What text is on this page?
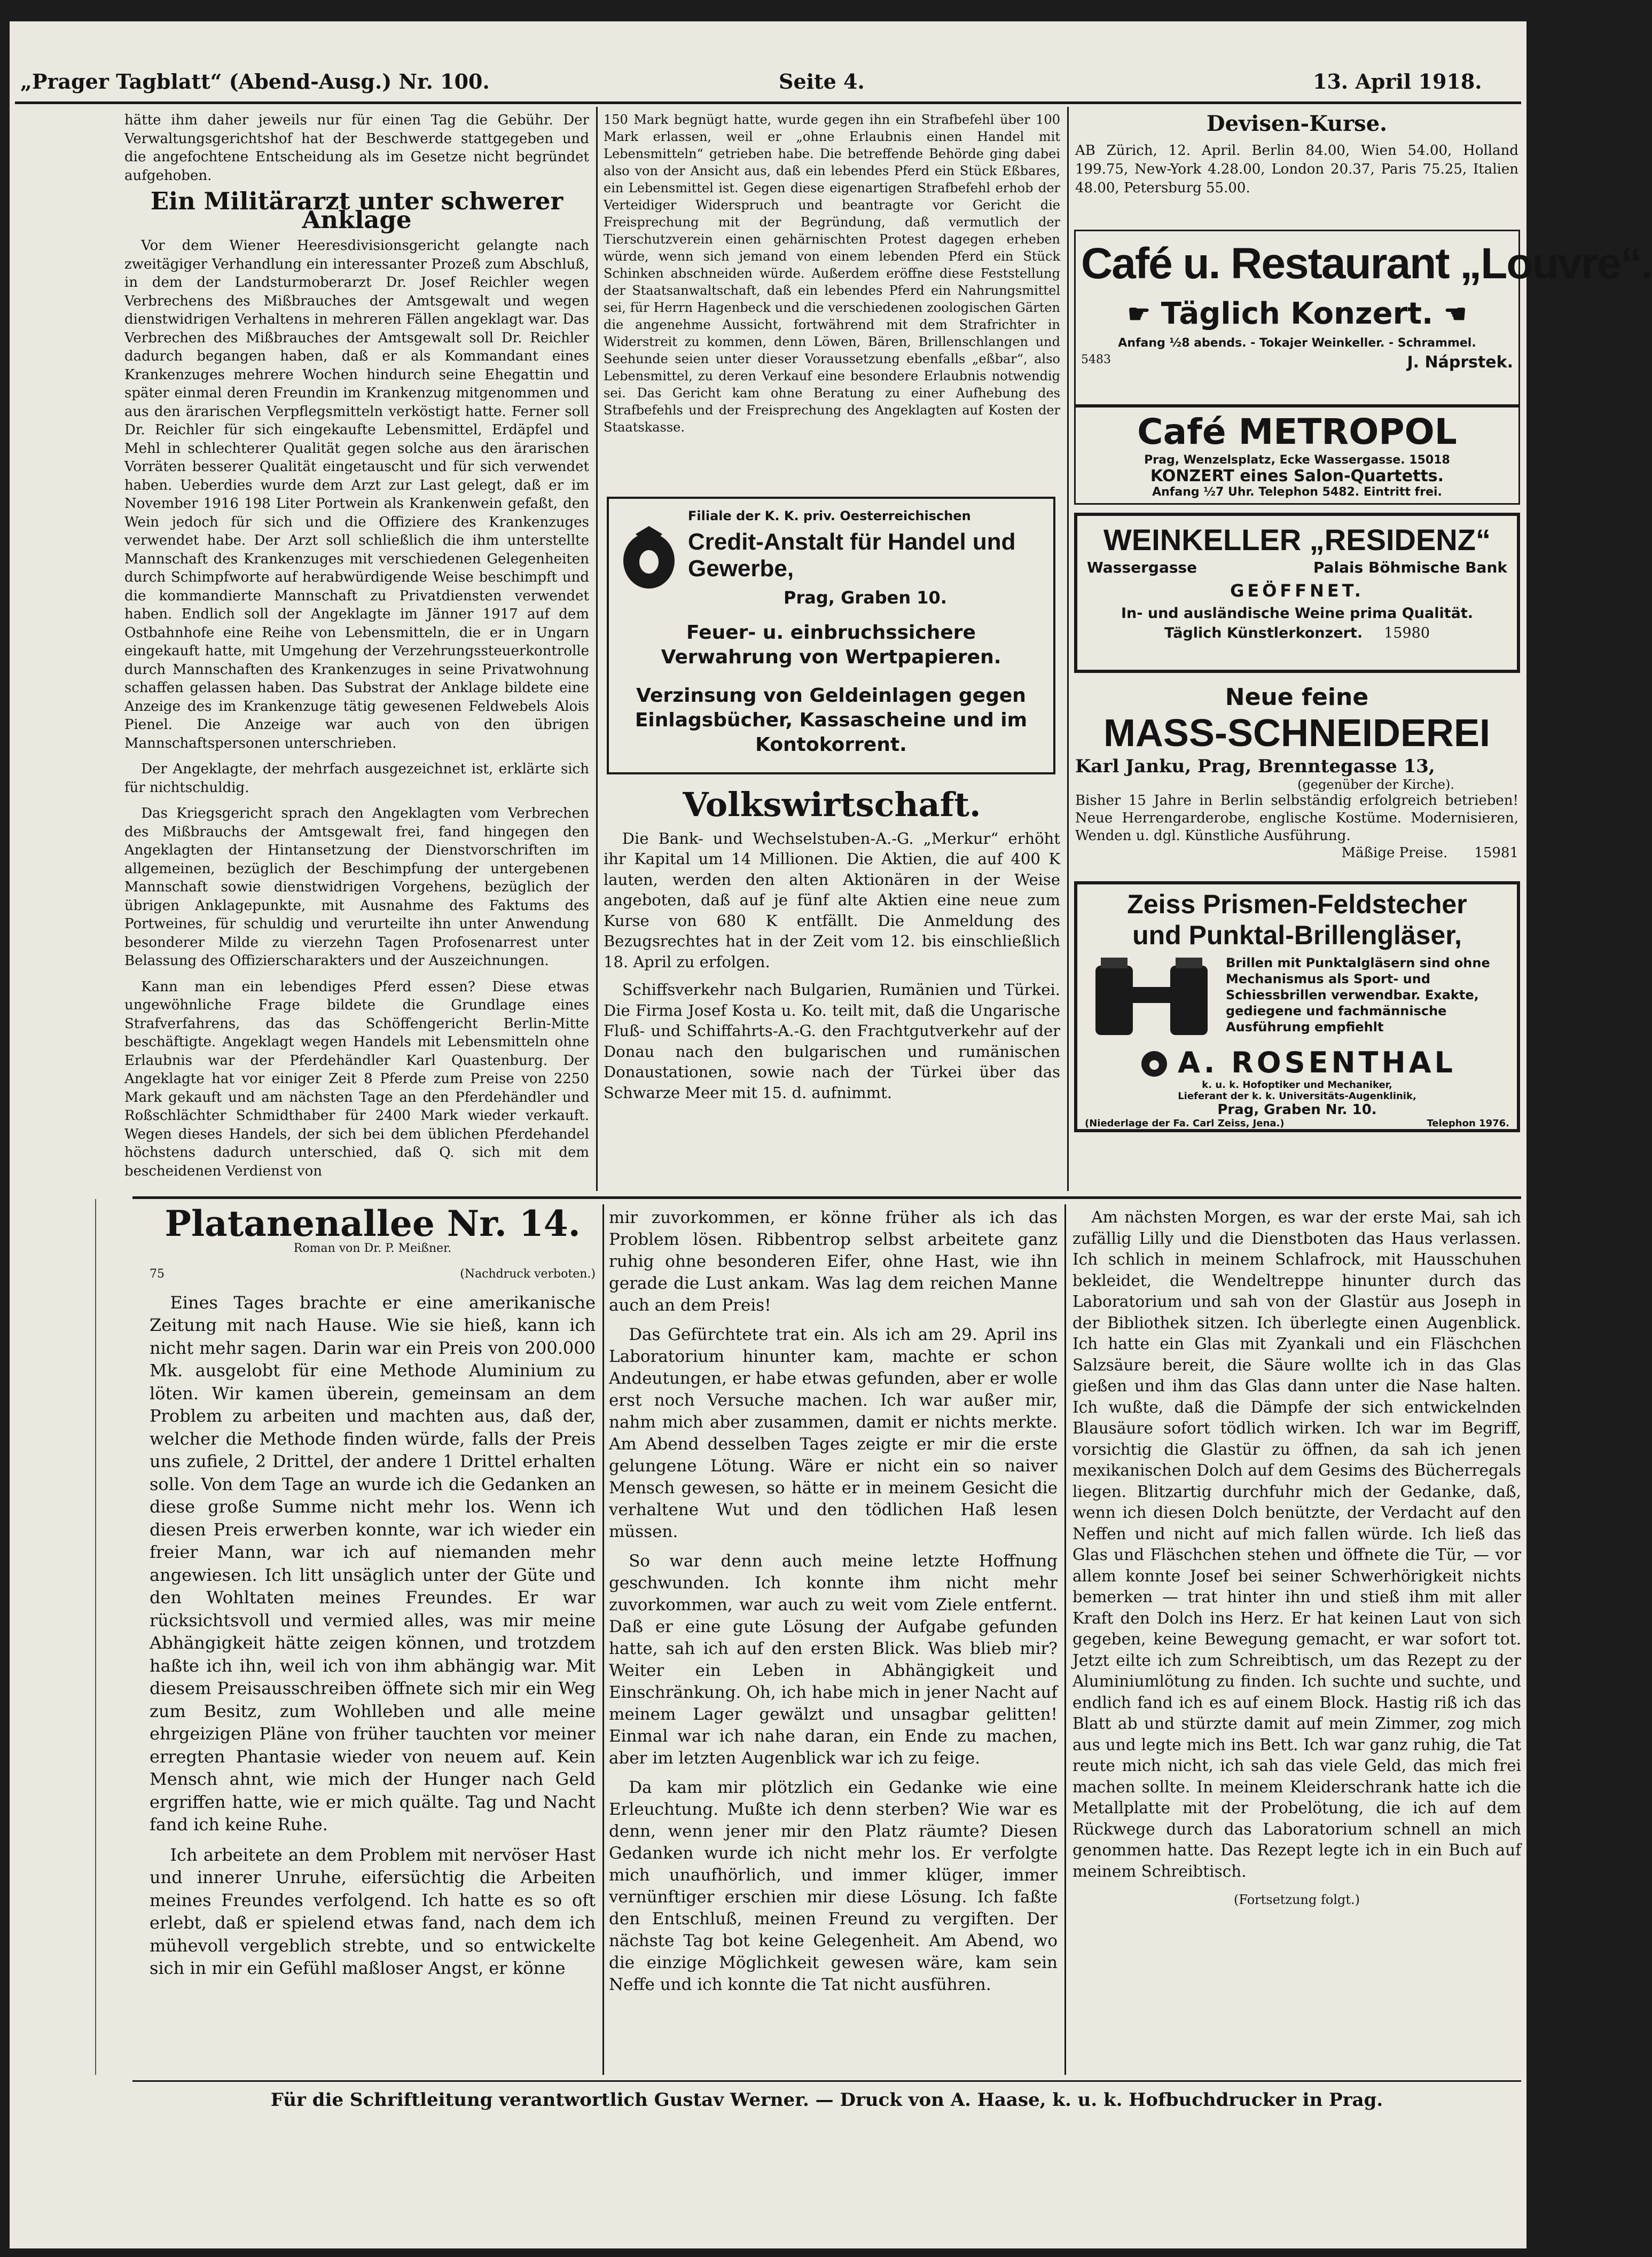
„Prager Tagblatt“ (Abend-Ausg.) Nr. 100.	Seite 4.	13. April 1918.

hätte ihm daher jeweils nur für einen Tag die Gebühr. Der Verwaltungsgerichtshof hat der Beschwerde stattgegeben und die angefochtene Entscheidung als im Gesetze nicht begründet aufgehoben.

Ein Militärarzt unter schwerer Anklage

Vor dem Wiener Heeresdivisionsgericht gelangte nach zweitägiger Verhandlung ein interessanter Prozeß zum Abschluß, in dem der Landsturmoberarzt Dr. Josef Reichler wegen Verbrechens des Mißbrauches der Amtsgewalt und wegen dienstwidrigen Verhaltens in mehreren Fällen angeklagt war. Das Verbrechen des Mißbrauches der Amtsgewalt soll Dr. Reichler dadurch begangen haben, daß er als Kommandant eines Krankenzuges mehrere Wochen hindurch seine Ehegattin und später einmal deren Freundin im Krankenzug mitgenommen und aus den ärarischen Verpflegsmitteln verköstigt hatte. Ferner soll Dr. Reichler für sich eingekaufte Lebensmittel, Erdäpfel und Mehl in schlechterer Qualität gegen solche aus den ärarischen Vorräten besserer Qualität eingetauscht und für sich verwendet haben. Ueberdies wurde dem Arzt zur Last gelegt, daß er im November 1916 198 Liter Portwein als Krankenwein gefaßt, den Wein jedoch für sich und die Offiziere des Krankenzuges verwendet habe. Der Arzt soll schließlich die ihm unterstellte Mannschaft des Krankenzuges mit verschiedenen Gelegenheiten durch Schimpfworte auf herabwürdigende Weise beschimpft und die kommandierte Mannschaft zu Privatdiensten verwendet haben. Endlich soll der Angeklagte im Jänner 1917 auf dem Ostbahnhofe eine Reihe von Lebensmitteln, die er in Ungarn eingekauft hatte, mit Umgehung der Verzehrungssteuerkontrolle durch Mannschaften des Krankenzuges in seine Privatwohnung schaffen gelassen haben. Das Substrat der Anklage bildete eine Anzeige des im Krankenzuge tätig gewesenen Feldwebels Alois Pienel. Die Anzeige war auch von den übrigen Mannschaftspersonen unterschrieben.

Der Angeklagte, der mehrfach ausgezeichnet ist, erklärte sich für nichtschuldig.

Das Kriegsgericht sprach den Angeklagten vom Verbrechen des Mißbrauchs der Amtsgewalt frei, fand hingegen den Angeklagten der Hintansetzung der Dienstvorschriften im allgemeinen, bezüglich der Beschimpfung der untergebenen Mannschaft sowie dienstwidrigen Vorgehens, bezüglich der übrigen Anklagepunkte, mit Ausnahme des Faktums des Portweines, für schuldig und verurteilte ihn unter Anwendung besonderer Milde zu vierzehn Tagen Profosenarrest unter Belassung des Offizierscharakters und der Auszeichnungen.

Kann man ein lebendiges Pferd essen? Diese etwas ungewöhnliche Frage bildete die Grundlage eines Strafverfahrens, das das Schöffengericht Berlin-Mitte beschäftigte. Angeklagt wegen Handels mit Lebensmitteln ohne Erlaubnis war der Pferdehändler Karl Quastenburg. Der Angeklagte hat vor einiger Zeit 8 Pferde zum Preise von 2250 Mark gekauft und am nächsten Tage an den Pferdehändler und Roßschlächter Schmidthaber für 2400 Mark wieder verkauft. Wegen dieses Handels, der sich bei dem üblichen Pferdehandel höchstens dadurch unterschied, daß Q. sich mit dem bescheidenen Verdienst von

150 Mark begnügt hatte, wurde gegen ihn ein Strafbefehl über 100 Mark erlassen, weil er „ohne Erlaubnis einen Handel mit Lebensmitteln“ getrieben habe. Die betreffende Behörde ging dabei also von der Ansicht aus, daß ein lebendes Pferd ein Stück Eßbares, ein Lebensmittel ist. Gegen diese eigenartigen Strafbefehl erhob der Verteidiger Widerspruch und beantragte vor Gericht die Freisprechung mit der Begründung, daß vermutlich der Tierschutzverein einen gehärnischten Protest dagegen erheben würde, wenn sich jemand von einem lebenden Pferd ein Stück Schinken abschneiden würde. Außerdem eröffne diese Feststellung der Staatsanwaltschaft, daß ein lebendes Pferd ein Nahrungsmittel sei, für Herrn Hagenbeck und die verschiedenen zoologischen Gärten die angenehme Aussicht, fortwährend mit dem Strafrichter in Widerstreit zu kommen, denn Löwen, Bären, Brillenschlangen und Seehunde seien unter dieser Voraussetzung ebenfalls „eßbar“, also Lebensmittel, zu deren Verkauf eine besondere Erlaubnis notwendig sei. Das Gericht kam ohne Beratung zu einer Aufhebung des Strafbefehls und der Freisprechung des Angeklagten auf Kosten der Staatskasse.

Filiale der K. K. priv. Oesterreichischen
Credit-Anstalt für Handel und Gewerbe,
Prag, Graben 10.
Feuer- u. einbruchssichere Verwahrung von Wertpapieren.
Verzinsung von Geldeinlagen gegen Einlagsbücher, Kassascheine und im Kontokorrent.
Volkswirtschaft.

Die Bank- und Wechselstuben-A.-G. „Merkur“ erhöht ihr Kapital um 14 Millionen. Die Aktien, die auf 400 K lauten, werden den alten Aktionären in der Weise angeboten, daß auf je fünf alte Aktien eine neue zum Kurse von 680 K entfällt. Die Anmeldung des Bezugsrechtes hat in der Zeit vom 12. bis einschließlich 18. April zu erfolgen.

Schiffsverkehr nach Bulgarien, Rumänien und Türkei. Die Firma Josef Kosta u. Ko. teilt mit, daß die Ungarische Fluß- und Schiffahrts-A.-G. den Frachtgutverkehr auf der Donau nach den bulgarischen und rumänischen Donaustationen, sowie nach der Türkei über das Schwarze Meer mit 15. d. aufnimmt.

Devisen-Kurse.
AB Zürich, 12. April. Berlin 84.00, Wien 54.00, Holland 199.75, New-York 4.28.00, London 20.37, Paris 75.25, Italien 48.00, Petersburg 55.00.
Café u. Restaurant „Louvre“.
☛ Täglich Konzert. ☚
Anfang ½8 abends. - Tokajer Weinkeller. - Schrammel.
5483	J. Náprstek.
Café METROPOL
Prag, Wenzelsplatz, Ecke Wassergasse. 15018
KONZERT eines Salon-Quartetts.
Anfang ½7 Uhr. Telephon 5482. Eintritt frei.
WEINKELLER „RESIDENZ“
Wassergasse	Palais Böhmische Bank
GEÖFFNET.
In- und ausländische Weine prima Qualität.
Täglich Künstlerkonzert. 15980
Neue feine
MASS-SCHNEIDEREI
Karl Janku, Prag, Brenntegasse 13,
(gegenüber der Kirche).
Bisher 15 Jahre in Berlin selbständig erfolgreich betrieben! Neue Herrengarderobe, englische Kostüme. Modernisieren, Wenden u. dgl. Künstliche Ausführung.
Mäßige Preise. 15981
Zeiss Prismen-Feldstecher
und Punktal-Brillengläser,
Brillen mit Punktalgläsern sind ohne Mechanismus als Sport- und Schiessbrillen verwendbar. Exakte, gediegene und fachmännische Ausführung empfiehlt
A. ROSENTHAL
k. u. k. Hofoptiker und Mechaniker,
Lieferant der k. k. Universitäts-Augenklinik,
Prag, Graben Nr. 10.
(Niederlage der Fa. Carl Zeiss, Jena.)	Telephon 1976.
Platanenallee Nr. 14.
Roman von Dr. P. Meißner.
75	(Nachdruck verboten.)

Eines Tages brachte er eine amerikanische Zeitung mit nach Hause. Wie sie hieß, kann ich nicht mehr sagen. Darin war ein Preis von 200.000 Mk. ausgelobt für eine Methode Aluminium zu löten. Wir kamen überein, gemeinsam an dem Problem zu arbeiten und machten aus, daß der, welcher die Methode finden würde, falls der Preis uns zufiele, 2 Drittel, der andere 1 Drittel erhalten solle. Von dem Tage an wurde ich die Gedanken an diese große Summe nicht mehr los. Wenn ich diesen Preis erwerben konnte, war ich wieder ein freier Mann, war ich auf niemanden mehr angewiesen. Ich litt unsäglich unter der Güte und den Wohltaten meines Freundes. Er war rücksichtsvoll und vermied alles, was mir meine Abhängigkeit hätte zeigen können, und trotzdem haßte ich ihn, weil ich von ihm abhängig war. Mit diesem Preisausschreiben öffnete sich mir ein Weg zum Besitz, zum Wohlleben und alle meine ehrgeizigen Pläne von früher tauchten vor meiner erregten Phantasie wieder von neuem auf. Kein Mensch ahnt, wie mich der Hunger nach Geld ergriffen hatte, wie er mich quälte. Tag und Nacht fand ich keine Ruhe.

Ich arbeitete an dem Problem mit nervöser Hast und innerer Unruhe, eifersüchtig die Arbeiten meines Freundes verfolgend. Ich hatte es so oft erlebt, daß er spielend etwas fand, nach dem ich mühevoll vergeblich strebte, und so entwickelte sich in mir ein Gefühl maßloser Angst, er könne

mir zuvorkommen, er könne früher als ich das Problem lösen. Ribbentrop selbst arbeitete ganz ruhig ohne besonderen Eifer, ohne Hast, wie ihn gerade die Lust ankam. Was lag dem reichen Manne auch an dem Preis!

Das Gefürchtete trat ein. Als ich am 29. April ins Laboratorium hinunter kam, machte er schon Andeutungen, er habe etwas gefunden, aber er wolle erst noch Versuche machen. Ich war außer mir, nahm mich aber zusammen, damit er nichts merkte. Am Abend desselben Tages zeigte er mir die erste gelungene Lötung. Wäre er nicht ein so naiver Mensch gewesen, so hätte er in meinem Gesicht die verhaltene Wut und den tödlichen Haß lesen müssen.

So war denn auch meine letzte Hoffnung geschwunden. Ich konnte ihm nicht mehr zuvorkommen, war auch zu weit vom Ziele entfernt. Daß er eine gute Lösung der Aufgabe gefunden hatte, sah ich auf den ersten Blick. Was blieb mir? Weiter ein Leben in Abhängigkeit und Einschränkung. Oh, ich habe mich in jener Nacht auf meinem Lager gewälzt und unsagbar gelitten! Einmal war ich nahe daran, ein Ende zu machen, aber im letzten Augenblick war ich zu feige.

Da kam mir plötzlich ein Gedanke wie eine Erleuchtung. Mußte ich denn sterben? Wie war es denn, wenn jener mir den Platz räumte? Diesen Gedanken wurde ich nicht mehr los. Er verfolgte mich unaufhörlich, und immer klüger, immer vernünftiger erschien mir diese Lösung. Ich faßte den Entschluß, meinen Freund zu vergiften. Der nächste Tag bot keine Gelegenheit. Am Abend, wo die einzige Möglichkeit gewesen wäre, kam sein Neffe und ich konnte die Tat nicht ausführen.

Am nächsten Morgen, es war der erste Mai, sah ich zufällig Lilly und die Dienstboten das Haus verlassen. Ich schlich in meinem Schlafrock, mit Hausschuhen bekleidet, die Wendeltreppe hinunter durch das Laboratorium und sah von der Glastür aus Joseph in der Bibliothek sitzen. Ich überlegte einen Augenblick. Ich hatte ein Glas mit Zyankali und ein Fläschchen Salzsäure bereit, die Säure wollte ich in das Glas gießen und ihm das Glas dann unter die Nase halten. Ich wußte, daß die Dämpfe der sich entwickelnden Blausäure sofort tödlich wirken. Ich war im Begriff, vorsichtig die Glastür zu öffnen, da sah ich jenen mexikanischen Dolch auf dem Gesims des Bücherregals liegen. Blitzartig durchfuhr mich der Gedanke, daß, wenn ich diesen Dolch benützte, der Verdacht auf den Neffen und nicht auf mich fallen würde. Ich ließ das Glas und Fläschchen stehen und öffnete die Tür, — vor allem konnte Josef bei seiner Schwerhörigkeit nichts bemerken — trat hinter ihn und stieß ihm mit aller Kraft den Dolch ins Herz. Er hat keinen Laut von sich gegeben, keine Bewegung gemacht, er war sofort tot. Jetzt eilte ich zum Schreibtisch, um das Rezept zu der Aluminiumlötung zu finden. Ich suchte und suchte, und endlich fand ich es auf einem Block. Hastig riß ich das Blatt ab und stürzte damit auf mein Zimmer, zog mich aus und legte mich ins Bett. Ich war ganz ruhig, die Tat reute mich nicht, ich sah das viele Geld, das mich frei machen sollte. In meinem Kleiderschrank hatte ich die Metallplatte mit der Probelötung, die ich auf dem Rückwege durch das Laboratorium schnell an mich genommen hatte. Das Rezept legte ich in ein Buch auf meinem Schreibtisch.

(Fortsetzung folgt.)
Für die Schriftleitung verantwortlich Gustav Werner. — Druck von A. Haase, k. u. k. Hofbuchdrucker in Prag.
